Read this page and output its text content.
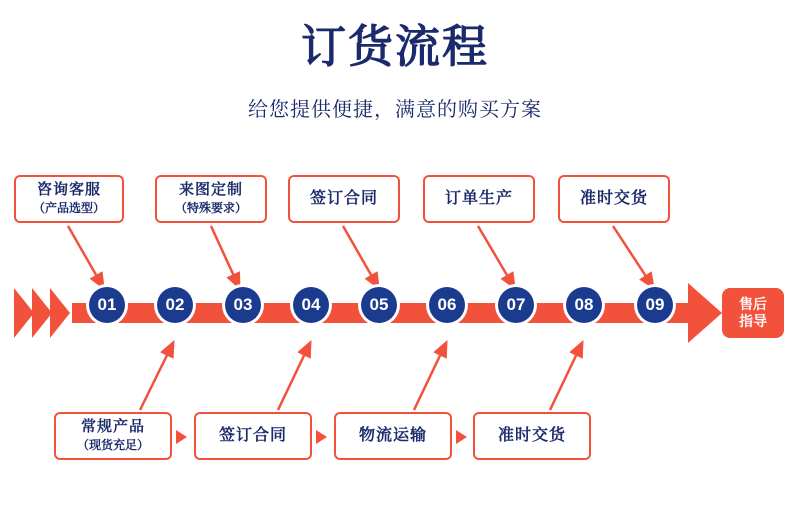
订货流程
给您提供便捷，满意的购买方案
01	02	03	04	05	06	07	08	09
咨询客服
（产品选型）
来图定制
（特殊要求）
签订合同	订单生产	准时交货
常规产品
（现货充足）
签订合同	物流运输	准时交货
售后
指导
